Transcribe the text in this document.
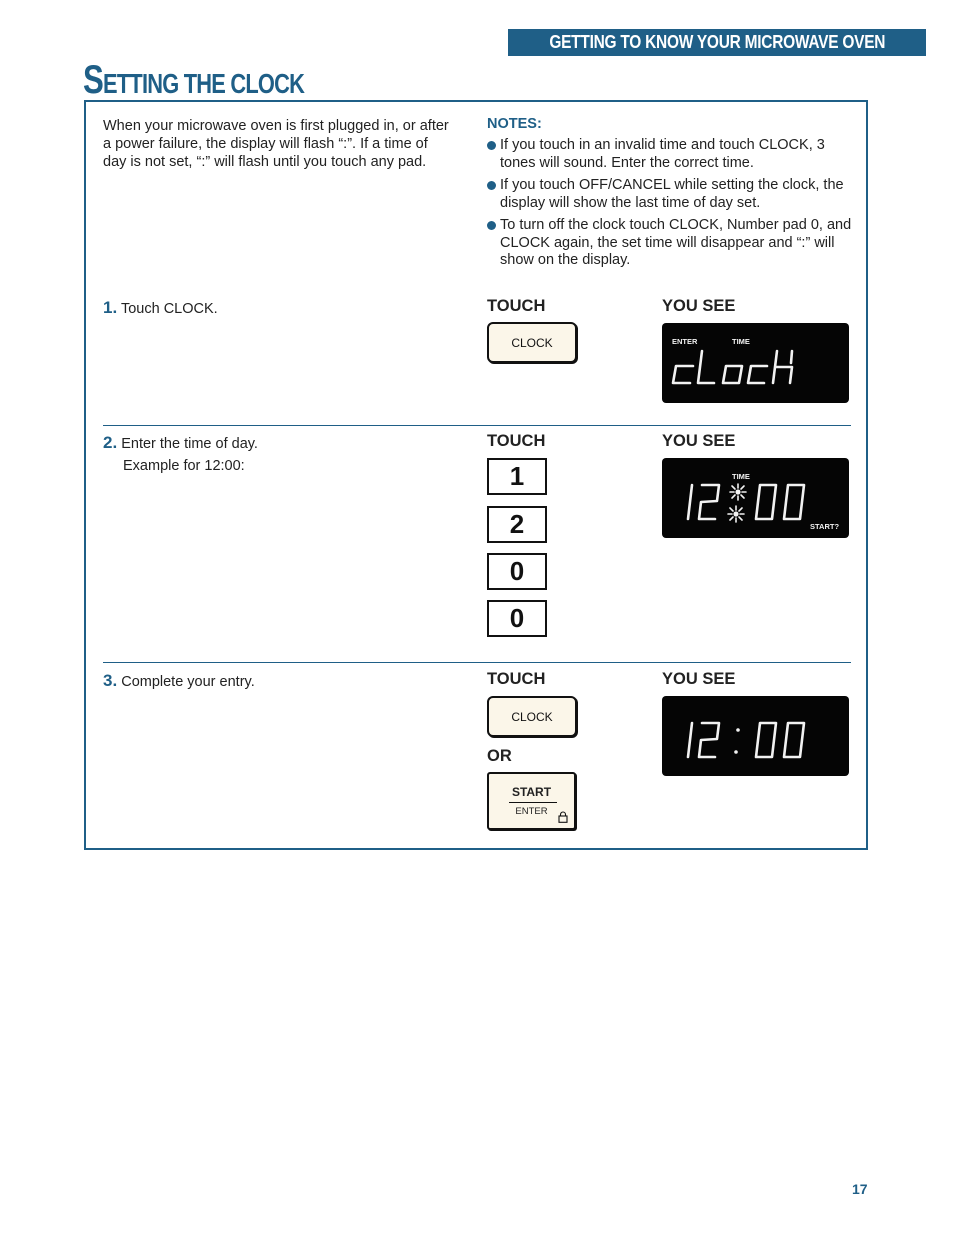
GETTING TO KNOW YOUR MICROWAVE OVEN
SETTING THE CLOCK

When your microwave oven is first plugged in, or after a power failure, the display will flash “:”. If a time of day is not set, “:” will flash until you touch any pad.

NOTES:
If you touch in an invalid time and touch CLOCK, 3 tones will sound. Enter the correct time.
If you touch OFF/CANCEL while setting the clock, the display will show the last time of day set.
To turn off the clock touch CLOCK, Number pad 0, and CLOCK again, the set time will disappear and “:” will show on the display.
1. Touch CLOCK.	TOUCH	YOU SEE
CLOCK	ENTER	TIME
2. Enter the time of day.
Example for 12:00:
TOUCH	YOU SEE
1
2
0
0
TIME
START?
3. Complete your entry.	TOUCH	YOU SEE
CLOCK
OR
START
ENTER
17
